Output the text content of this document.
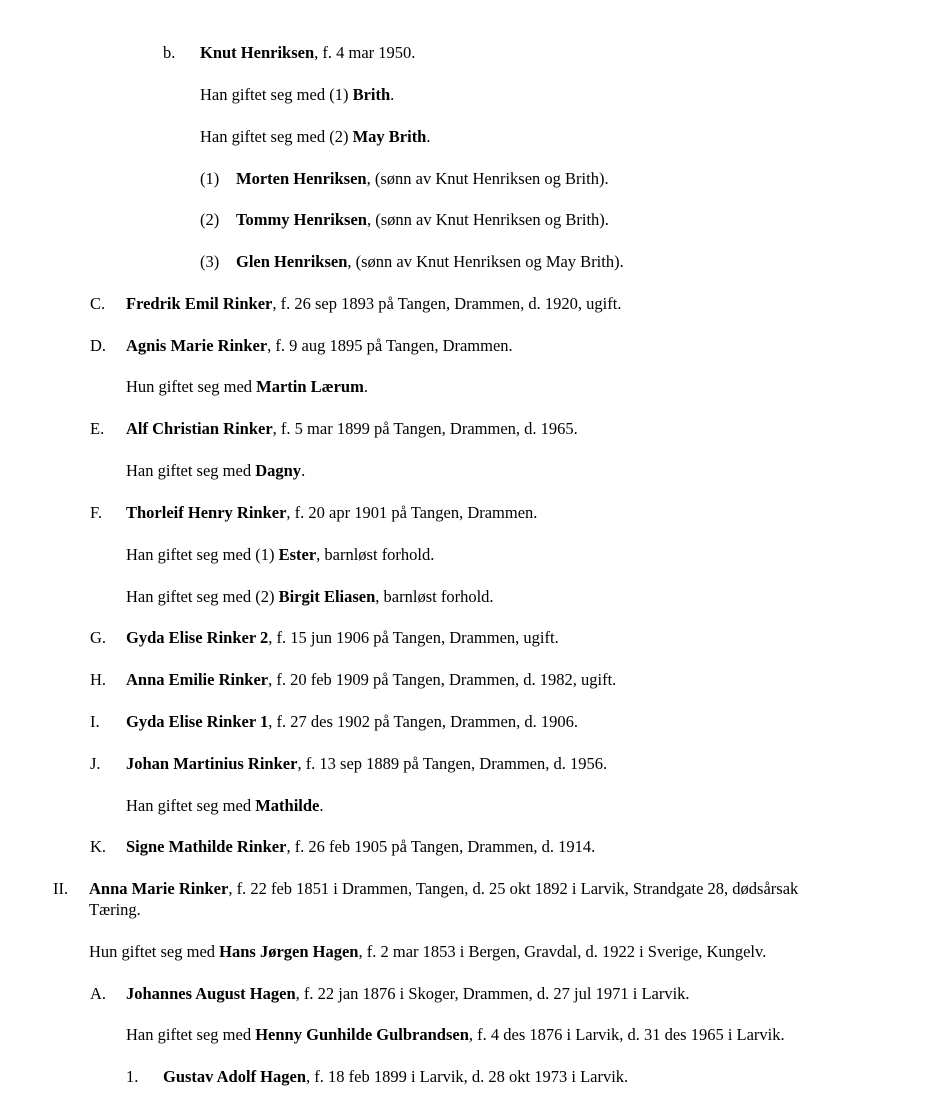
b. Knut Henriksen, f. 4 mar 1950.
Han giftet seg med (1) Brith.
Han giftet seg med (2) May Brith.
(1) Morten Henriksen, (sønn av Knut Henriksen og Brith).
(2) Tommy Henriksen, (sønn av Knut Henriksen og Brith).
(3) Glen Henriksen, (sønn av Knut Henriksen og May Brith).
C. Fredrik Emil Rinker, f. 26 sep 1893 på Tangen, Drammen, d. 1920, ugift.
D. Agnis Marie Rinker, f. 9 aug 1895 på Tangen, Drammen.
Hun giftet seg med Martin Lærum.
E. Alf Christian Rinker, f. 5 mar 1899 på Tangen, Drammen, d. 1965.
Han giftet seg med Dagny.
F. Thorleif Henry Rinker, f. 20 apr 1901 på Tangen, Drammen.
Han giftet seg med (1) Ester, barnløst forhold.
Han giftet seg med (2) Birgit Eliasen, barnløst forhold.
G. Gyda Elise Rinker 2, f. 15 jun 1906 på Tangen, Drammen, ugift.
H. Anna Emilie Rinker, f. 20 feb 1909 på Tangen, Drammen, d. 1982, ugift.
I. Gyda Elise Rinker 1, f. 27 des 1902 på Tangen, Drammen, d. 1906.
J. Johan Martinius Rinker, f. 13 sep 1889 på Tangen, Drammen, d. 1956.
Han giftet seg med Mathilde.
K. Signe Mathilde Rinker, f. 26 feb 1905 på Tangen, Drammen, d. 1914.
II. Anna Marie Rinker, f. 22 feb 1851 i Drammen, Tangen, d. 25 okt 1892 i Larvik, Strandgate 28, dødsårsak
Tæring.
Hun giftet seg med Hans Jørgen Hagen, f. 2 mar 1853 i Bergen, Gravdal, d. 1922 i Sverige, Kungelv.
A. Johannes August Hagen, f. 22 jan 1876 i Skoger, Drammen, d. 27 jul 1971 i Larvik.
Han giftet seg med Henny Gunhilde Gulbrandsen, f. 4 des 1876 i Larvik, d. 31 des 1965 i Larvik.
1. Gustav Adolf Hagen, f. 18 feb 1899 i Larvik, d. 28 okt 1973 i Larvik.
